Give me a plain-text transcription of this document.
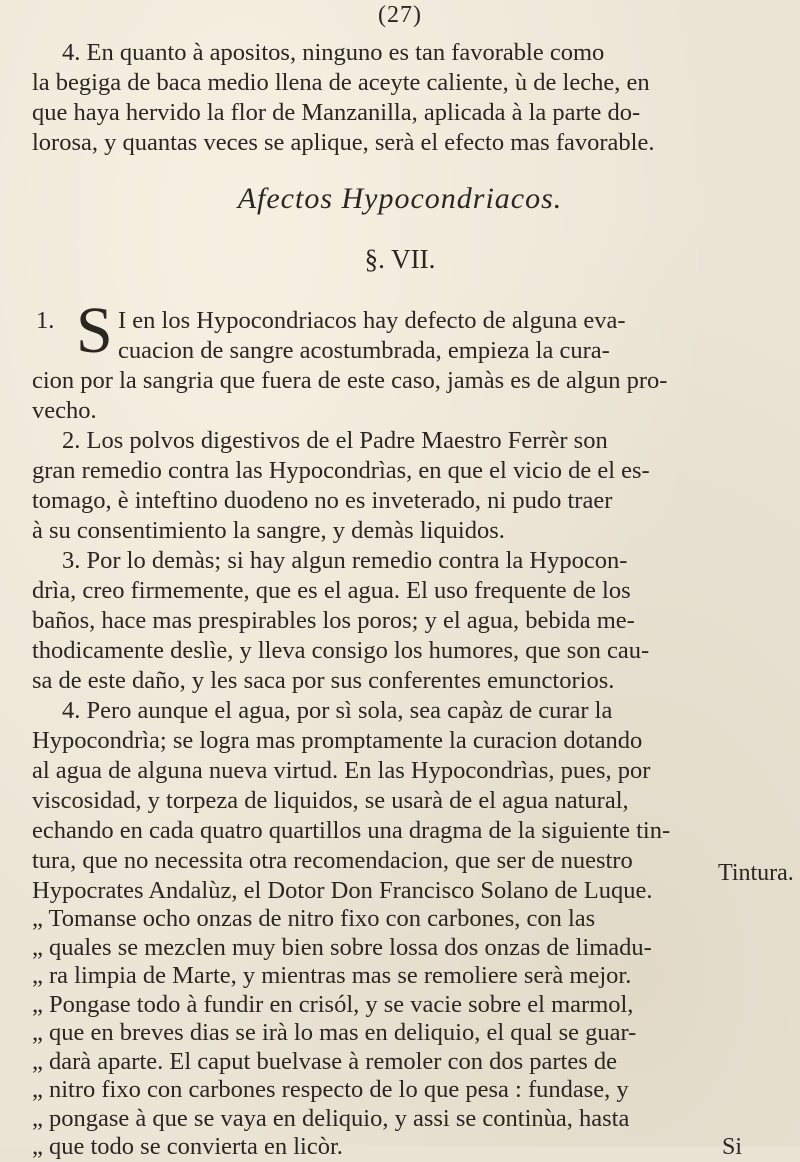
(27)
4. En quanto à apositos, ninguno es tan favorable como
la begiga de baca medio llena de aceyte caliente, ù de leche, en
que haya hervido la flor de Manzanilla, aplicada à la parte do-
lorosa, y quantas veces se aplique, serà el efecto mas favorable.
Afectos Hypocondriacos.
§. VII.
1. S I en los Hypocondriacos hay defecto de alguna eva-
cuacion de sangre acostumbrada, empieza la cura-
cion por la sangria que fuera de este caso, jamàs es de algun pro-
vecho.
2. Los polvos digestivos de el Padre Maestro Ferrèr son
gran remedio contra las Hypocondrìas, en que el vicio de el es-
tomago, è inteftino duodeno no es inveterado, ni pudo traer
à su consentimiento la sangre, y demàs liquidos.
3. Por lo demàs; si hay algun remedio contra la Hypocon-
drìa, creo firmemente, que es el agua. El uso frequente de los
baños, hace mas prespirables los poros; y el agua, bebida me-
thodicamente deslìe, y lleva consigo los humores, que son cau-
sa de este daño, y les saca por sus conferentes emunctorios.
4. Pero aunque el agua, por sì sola, sea capàz de curar la
Hypocondrìa; se logra mas promptamente la curacion dotando
al agua de alguna nueva virtud. En las Hypocondrìas, pues, por
viscosidad, y torpeza de liquidos, se usarà de el agua natural,
echando en cada quatro quartillos una dragma de la siguiente tin-
tura, que no necessita otra recomendacion, que ser de nuestro
Hypocrates Andalùz, el Dotor Don Francisco Solano de Luque.
„ Tomanse ocho onzas de nitro fixo con carbones, con las
„ quales se mezclen muy bien sobre lossa dos onzas de limadu-
„ ra limpia de Marte, y mientras mas se remoliere serà mejor.
„ Pongase todo à fundir en crisól, y se vacie sobre el marmol,
„ que en breves dias se irà lo mas en deliquio, el qual se guar-
„ darà aparte. El caput buelvase à remoler con dos partes de
„ nitro fixo con carbones respecto de lo que pesa : fundase, y
„ pongase à que se vaya en deliquio, y assi se continùa, hasta
„ que todo se convierta en licòr.
Tintura.
Si
